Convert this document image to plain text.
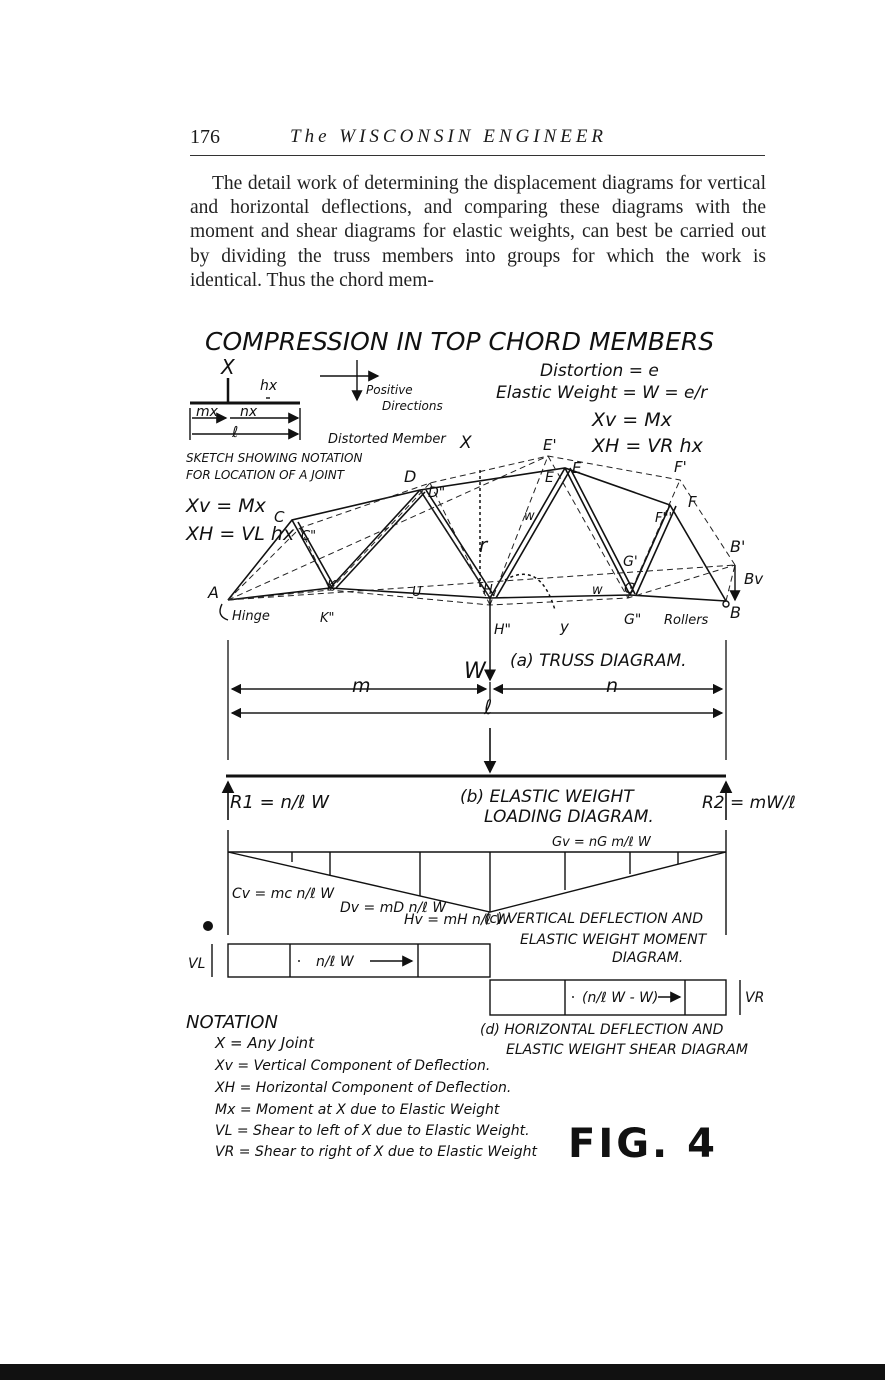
176	The WISCONSIN ENGINEER

The detail work of determining the displacement diagrams for vertical and horizontal deflections, and comparing these diagrams with the moment and shear diagrams for elastic weights, can best be carried out by dividing the truss members into groups for which the work is identical. Thus the chord mem-

COMPRESSION IN TOP CHORD MEMBERS
X
hx
mx nx
ℓ
SKETCH SHOWING NOTATION
FOR LOCATION OF A JOINT
Positive
Directions
Distortion = e
Elastic Weight = W = e/r
Xv = Mx
XH = VR hx
Xv = Mx
XH = VL hx
Distorted Member
A
B
B'
Bv
C
C"
D
D"
E'
E
E	F'
F
F"'
G'
G
G"
H
H"
K
K"
r
w
w
U
y
X
Hinge	Rollers
W (a) TRUSS DIAGRAM.
m	n
ℓ
R1 = n/ℓ W	R2 = mW/ℓ
(b) ELASTIC WEIGHT
LOADING DIAGRAM.
Gv = nG m/ℓ W
Cv = mc n/ℓ W
Dv = mD n/ℓ W
Hv = mH n/ℓ W
(c) VERTICAL DEFLECTION AND
ELASTIC WEIGHT MOMENT
DIAGRAM.
VL
VR
n/ℓ W
(n/ℓ W - W)
(d) HORIZONTAL DEFLECTION AND
ELASTIC WEIGHT SHEAR DIAGRAM
NOTATION
X = Any Joint
Xv = Vertical Component of Deflection.
XH = Horizontal Component of Deflection.
Mx = Moment at X due to Elastic Weight
VL = Shear to left of X due to Elastic Weight.
VR = Shear to right of X due to Elastic Weight FIG. 4
